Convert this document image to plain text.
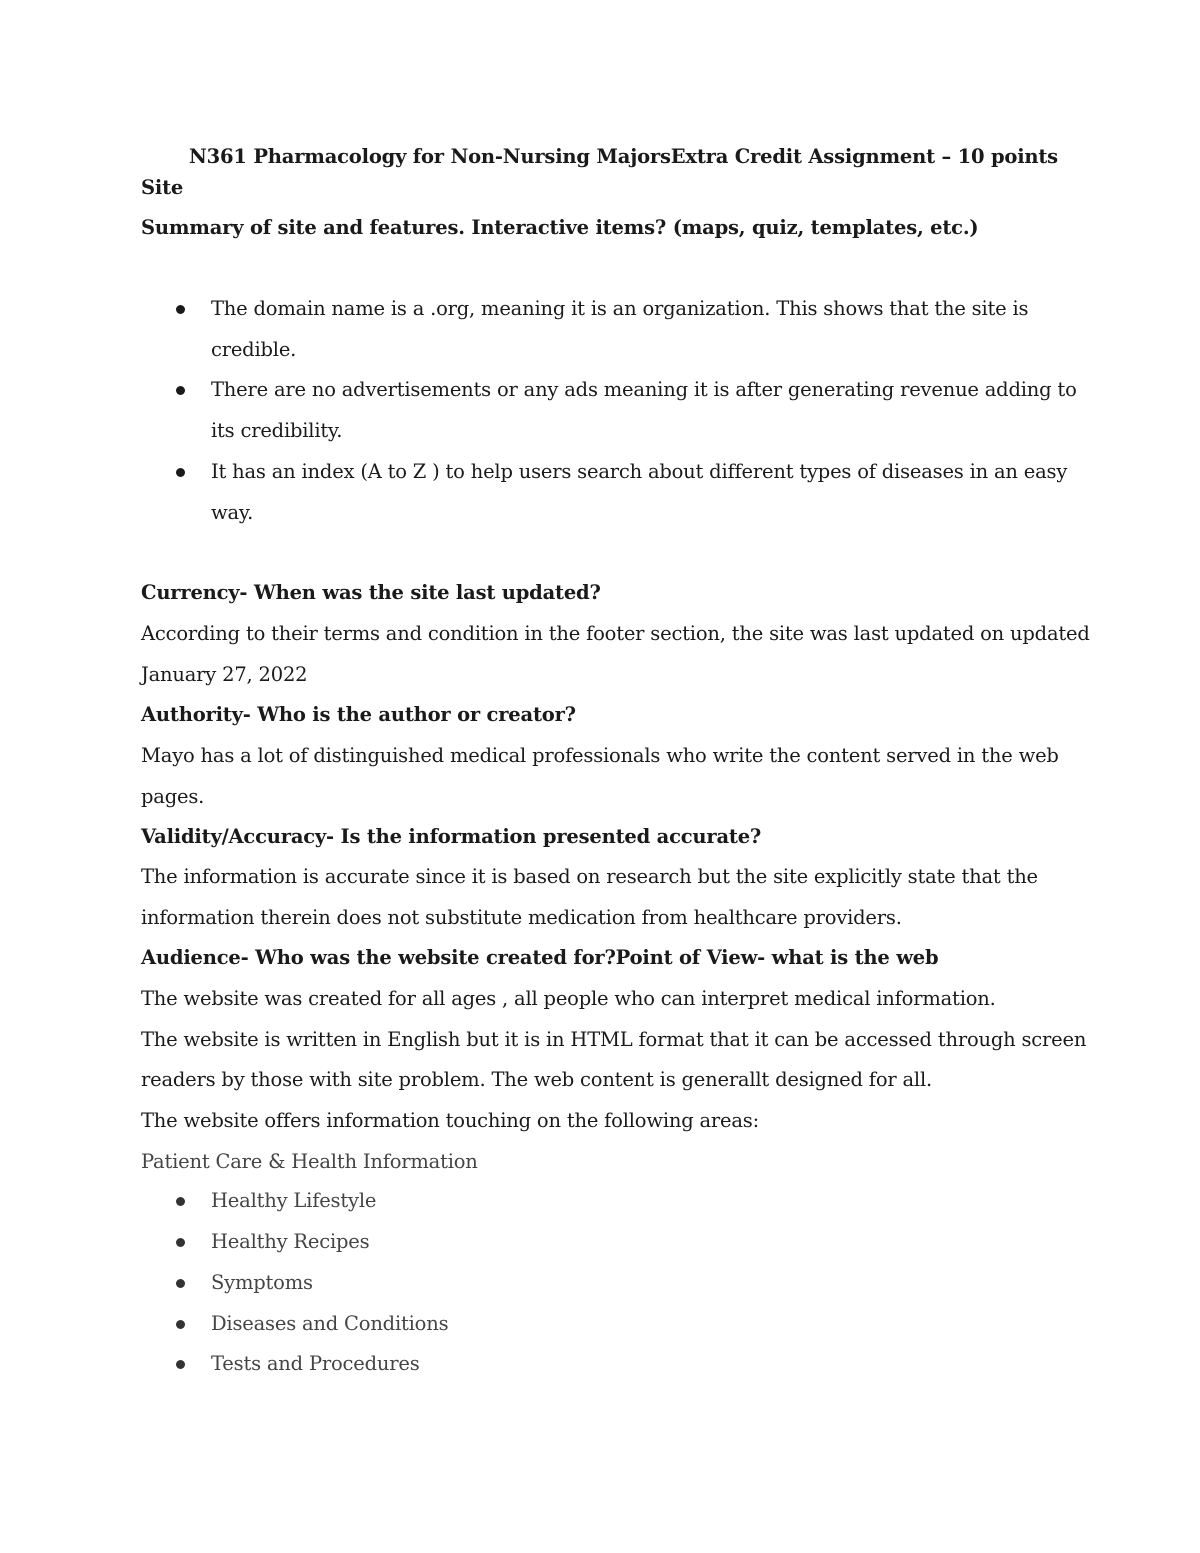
N361 Pharmacology for Non-Nursing MajorsExtra Credit Assignment – 10 points
Site
Summary of site and features. Interactive items? (maps, quiz, templates, etc.)
The domain name is a .org, meaning it is an organization. This shows that the site is
credible.
There are no advertisements or any ads meaning it is after generating revenue adding to
its credibility.
It has an index (A to Z ) to help users search about different types of diseases in an easy
way.
Currency- When was the site last updated?
According to their terms and condition in the footer section, the site was last updated on updated
January 27, 2022
Authority- Who is the author or creator?
Mayo has a lot of distinguished medical professionals who write the content served in the web
pages.
Validity/Accuracy- Is the information presented accurate?
The information is accurate since it is based on research but the site explicitly state that the
information therein does not substitute medication from healthcare providers.
Audience- Who was the website created for?Point of View- what is the web
The website was created for all ages , all people who can interpret medical information.
The website is written in English but it is in HTML format that it can be accessed through screen
readers by those with site problem. The web content is generallt designed for all.
The website offers information touching on the following areas:
Patient Care & Health Information
Healthy Lifestyle
Healthy Recipes
Symptoms
Diseases and Conditions
Tests and Procedures
